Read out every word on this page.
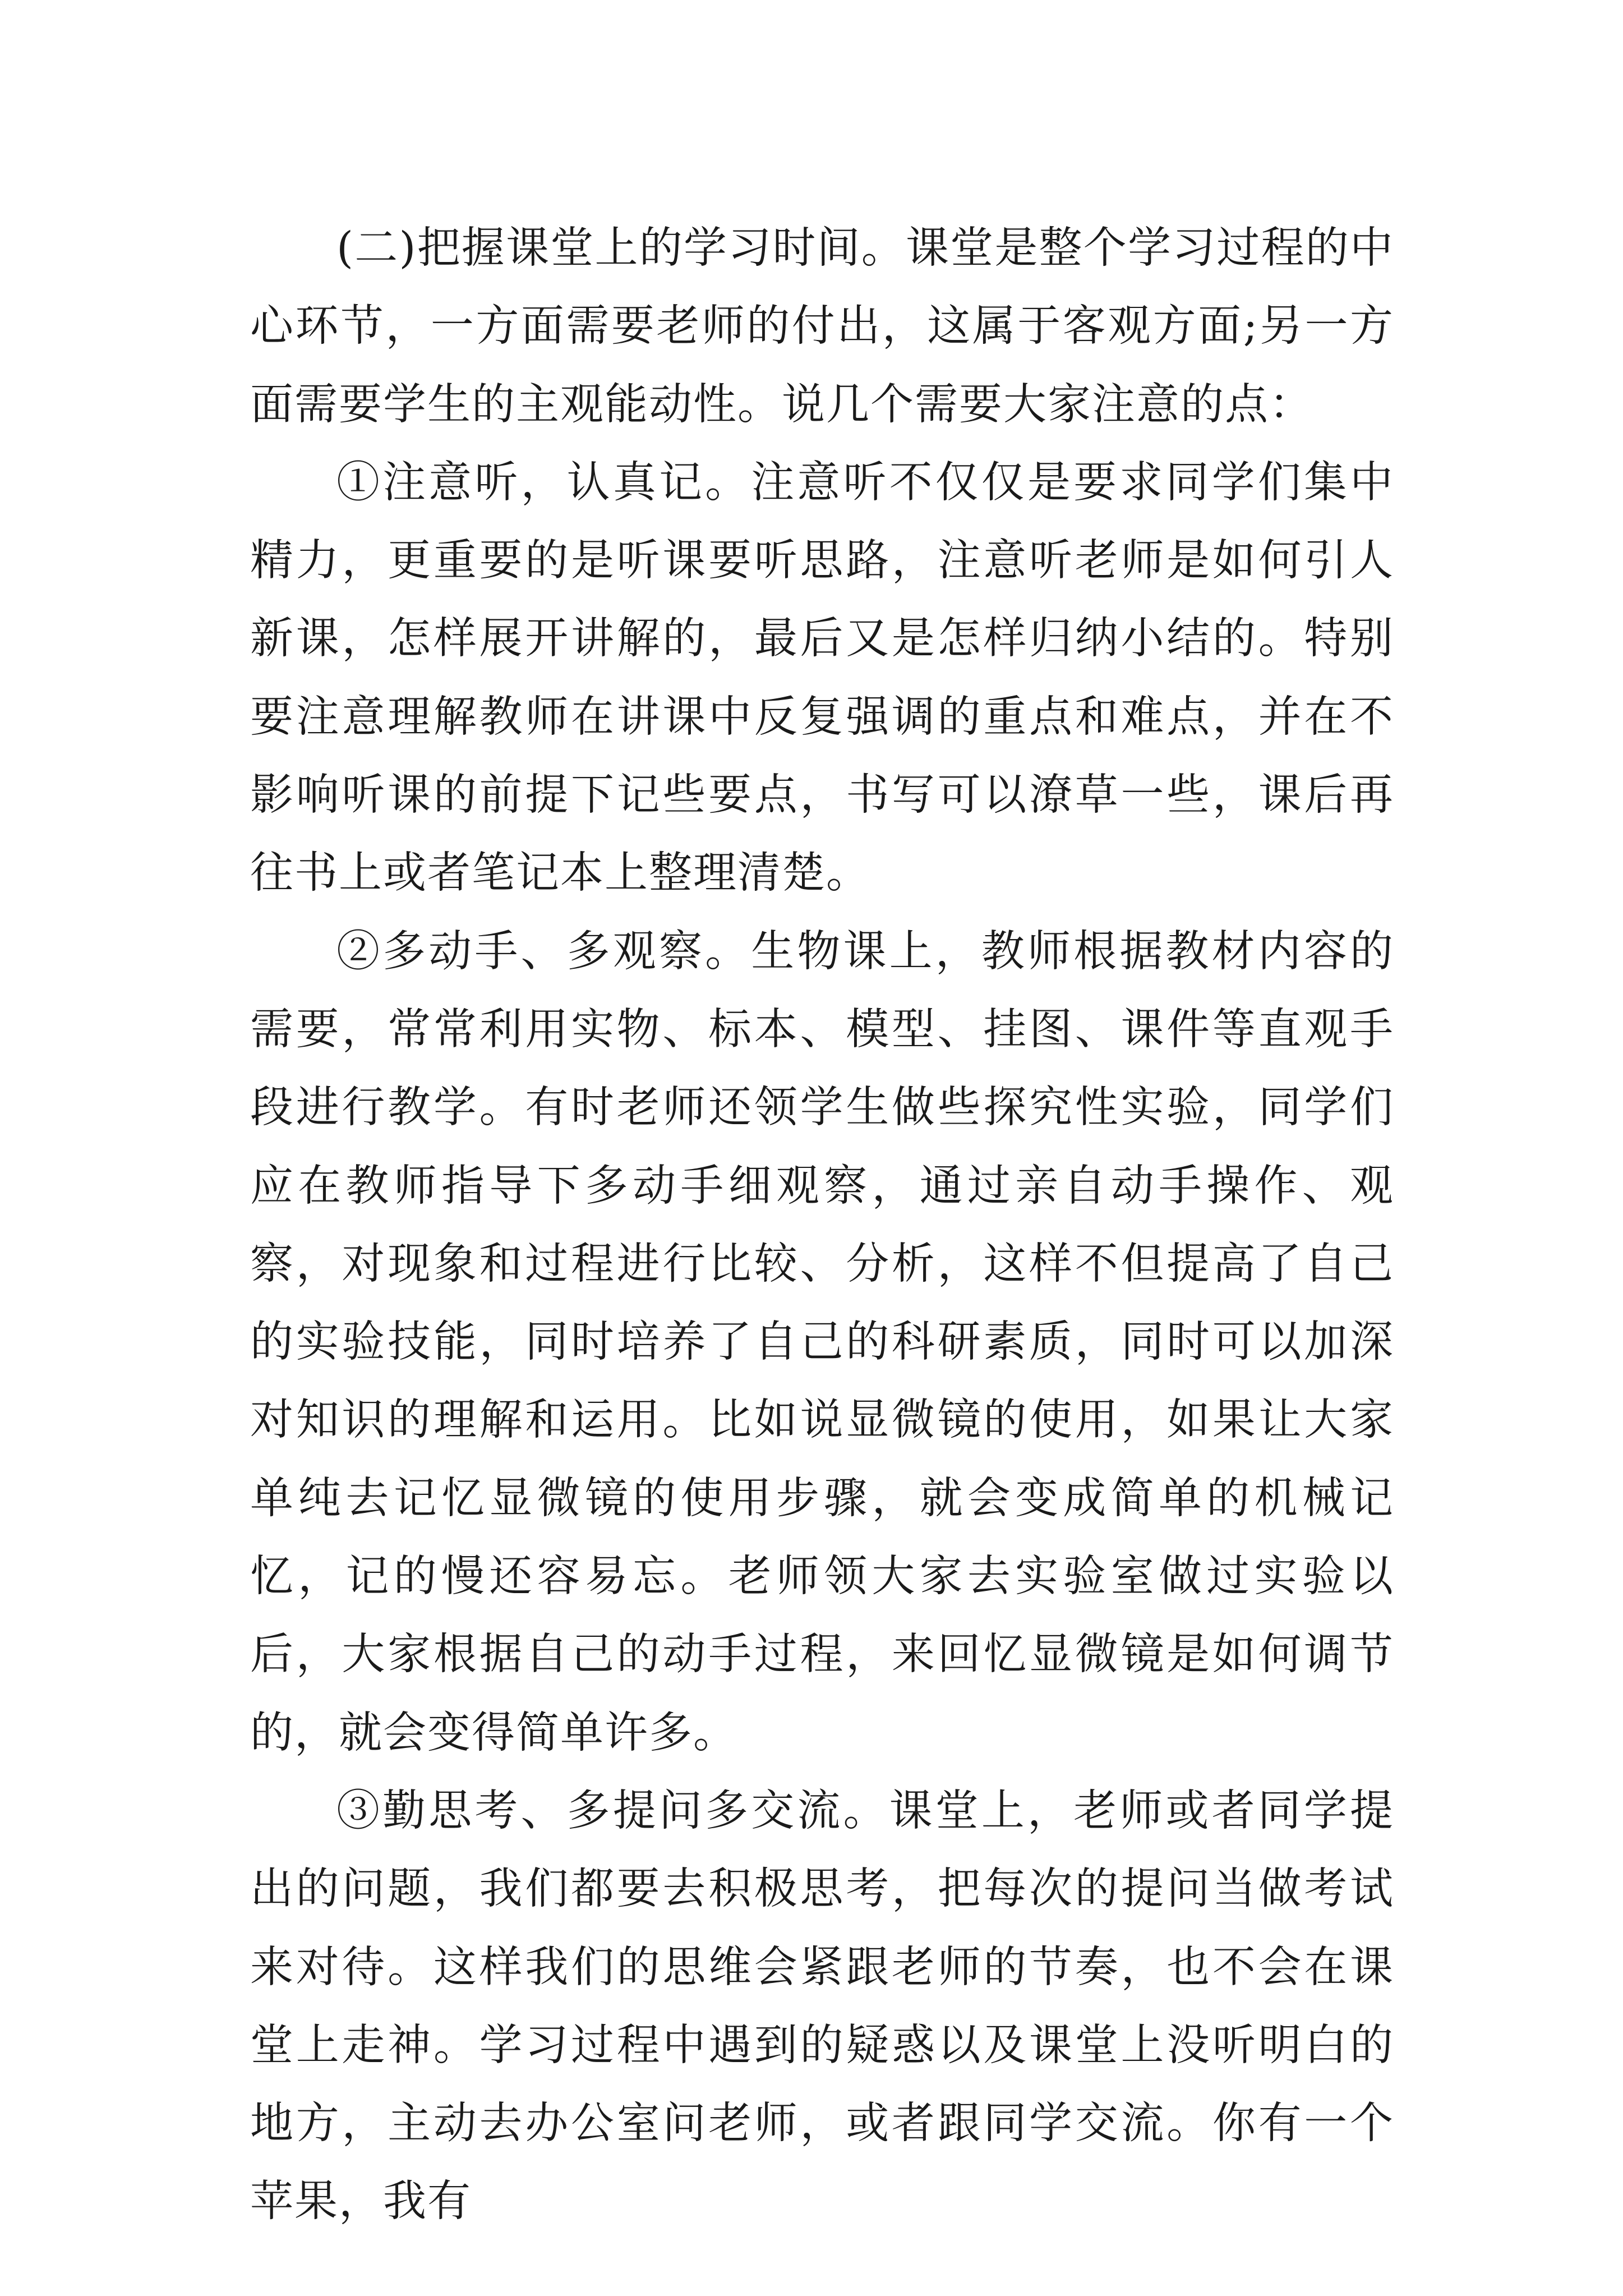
(二)把握课堂上的学习时间。课堂是整个学习过程的中心环节，一方面需要老师的付出，这属于客观方面;另一方面需要学生的主观能动性。说几个需要大家注意的点：

①注意听，认真记。注意听不仅仅是要求同学们集中精力，更重要的是听课要听思路，注意听老师是如何引人新课，怎样展开讲解的，最后又是怎样归纳小结的。特别要注意理解教师在讲课中反复强调的重点和难点，并在不影响听课的前提下记些要点，书写可以潦草一些，课后再往书上或者笔记本上整理清楚。

②多动手、多观察。生物课上，教师根据教材内容的需要，常常利用实物、标本、模型、挂图、课件等直观手段进行教学。有时老师还领学生做些探究性实验，同学们应在教师指导下多动手细观察，通过亲自动手操作、观察，对现象和过程进行比较、分析，这样不但提高了自己的实验技能，同时培养了自己的科研素质，同时可以加深对知识的理解和运用。比如说显微镜的使用，如果让大家单纯去记忆显微镜的使用步骤，就会变成简单的机械记忆，记的慢还容易忘。老师领大家去实验室做过实验以后，大家根据自己的动手过程，来回忆显微镜是如何调节的，就会变得简单许多。

③勤思考、多提问多交流。课堂上，老师或者同学提出的问题，我们都要去积极思考，把每次的提问当做考试来对待。这样我们的思维会紧跟老师的节奏，也不会在课堂上走神。学习过程中遇到的疑惑以及课堂上没听明白的地方，主动去办公室问老师，或者跟同学交流。你有一个苹果，我有
